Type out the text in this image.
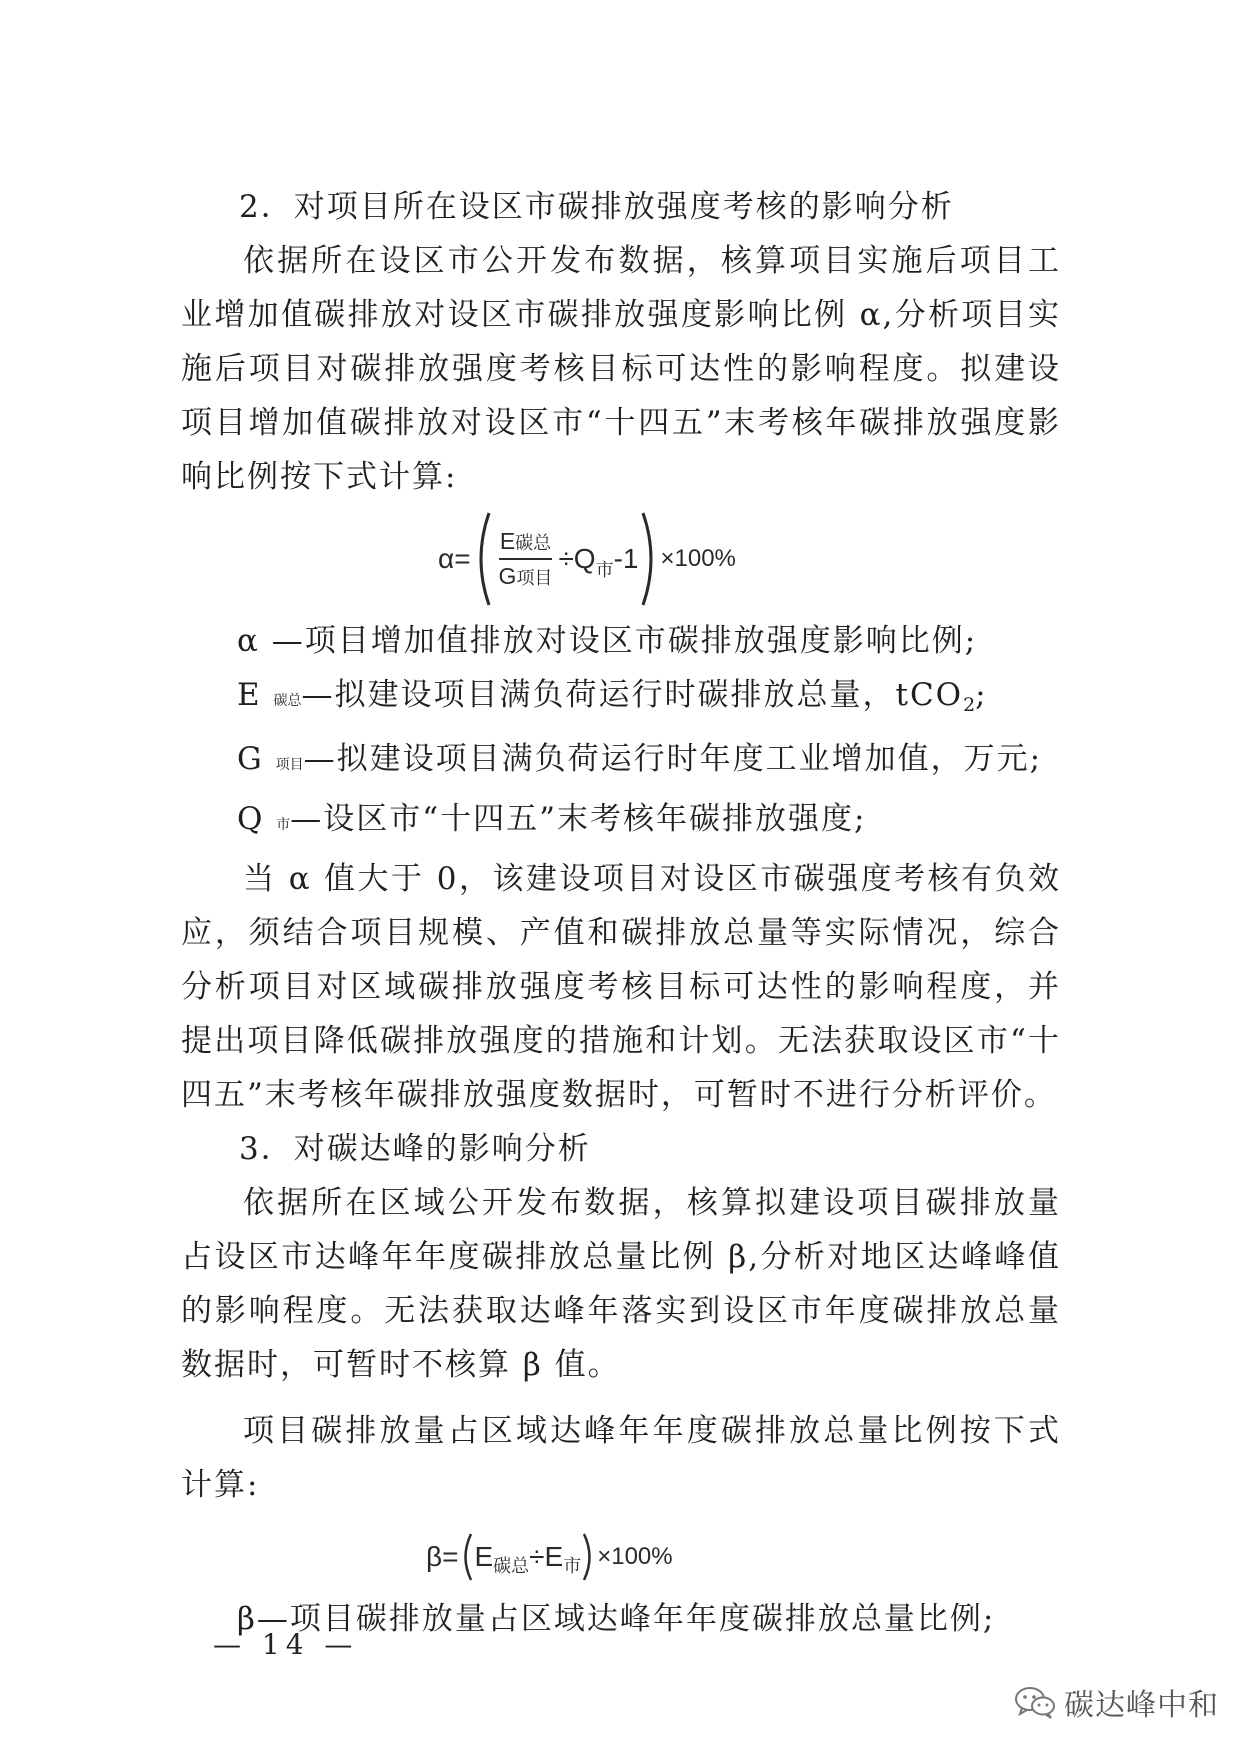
2．对项目所在设区市碳排放强度考核的影响分析

依据所在设区市公开发布数据，核算项目实施后项目工业增加值碳排放对设区市碳排放强度影响比例 α,分析项目实施后项目对碳排放强度考核目标可达性的影响程度。拟建设项目增加值碳排放对设区市“十四五”末考核年碳排放强度影响比例按下式计算:

$\alpha= \frac{\text{E碳总}}{\text{G项目}} \div Q_市-1 \times 100\%$

α —项目增加值排放对设区市碳排放强度影响比例;

E 碳总—拟建设项目满负荷运行时碳排放总量，tCO$_2$;

G 项目—拟建设项目满负荷运行时年度工业增加值，万元;

Q 市—设区市“十四五”末考核年碳排放强度;

当 α 值大于 0，该建设项目对设区市碳强度考核有负效应，须结合项目规模、产值和碳排放总量等实际情况，综合分析项目对区域碳排放强度考核目标可达性的影响程度，并提出项目降低碳排放强度的措施和计划。无法获取设区市“十四五”末考核年碳排放强度数据时，可暂时不进行分析评价。

3．对碳达峰的影响分析

依据所在区域公开发布数据，核算拟建设项目碳排放量占设区市达峰年年度碳排放总量比例 β,分析对地区达峰峰值的影响程度。无法获取达峰年落实到设区市年度碳排放总量数据时，可暂时不核算 β 值。

项目碳排放量占区域达峰年年度碳排放总量比例按下式计算:

$\beta= E_{碳总}\div E_市 \times 100\%$

β—项目碳排放量占区域达峰年年度碳排放总量比例;

— 14 —
碳达峰中和
